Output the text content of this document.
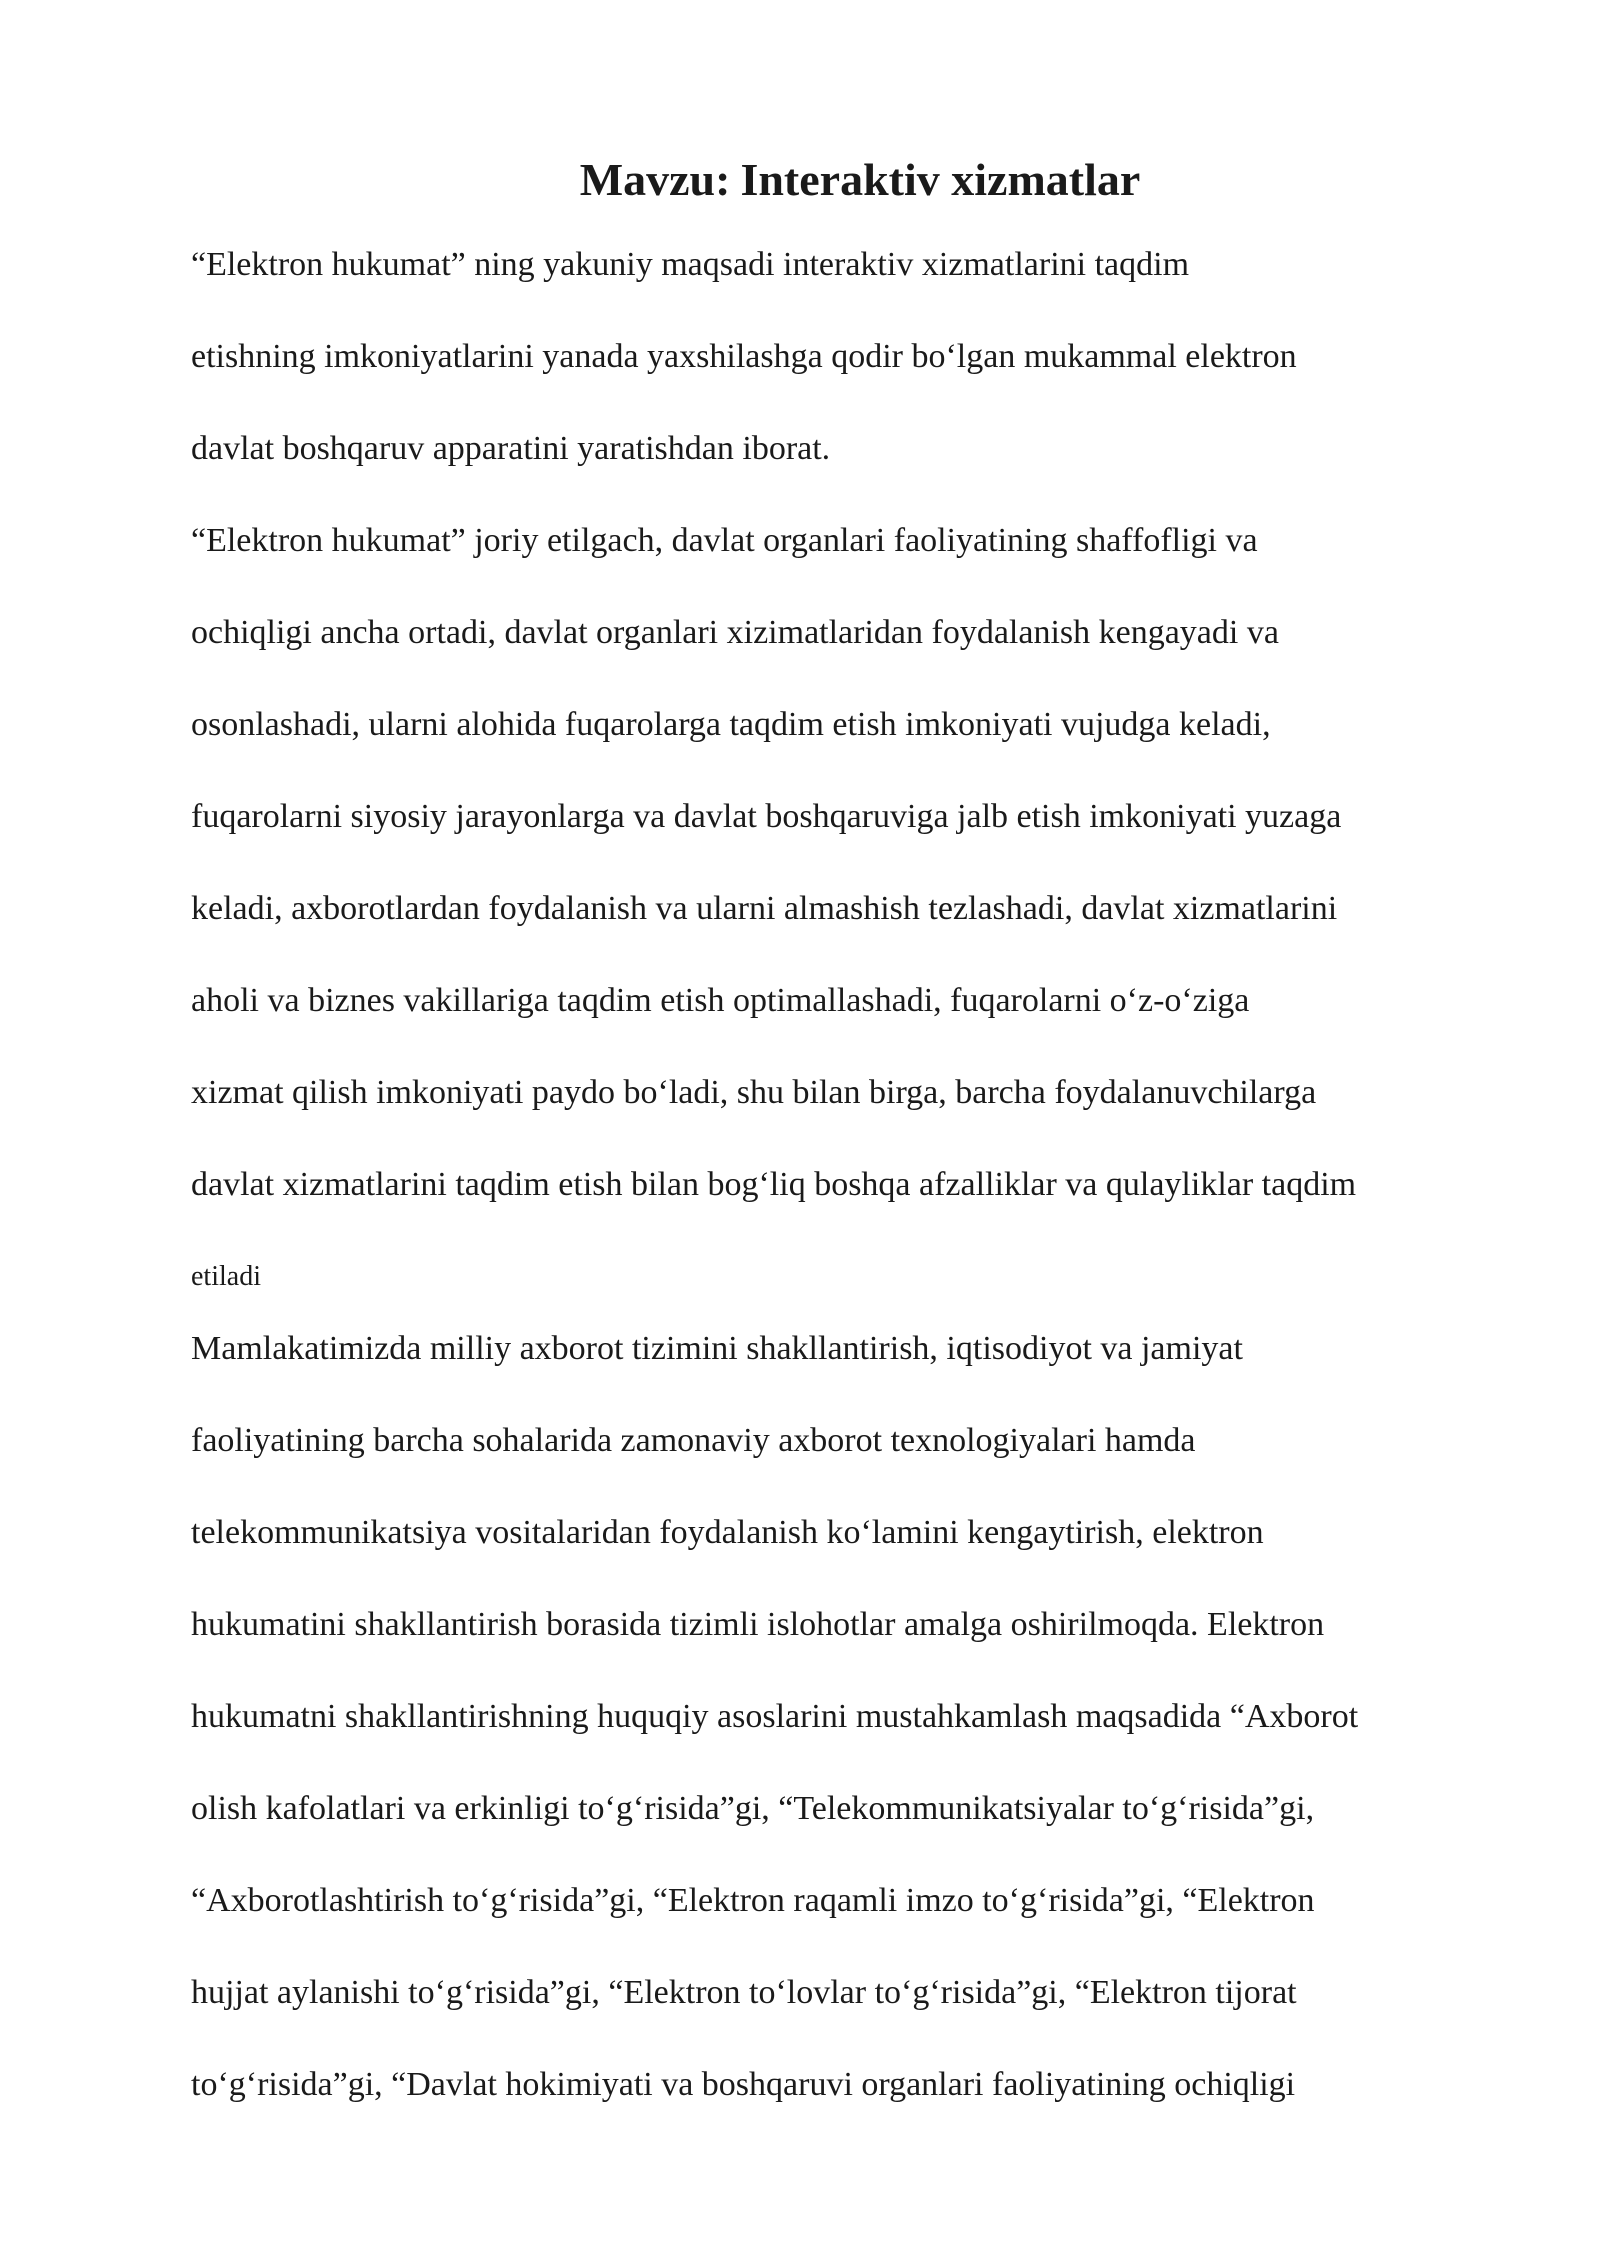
Mavzu: Interaktiv xizmatlar
“Elektron hukumat” ning yakuniy maqsadi interaktiv xizmatlarini taqdim
etishning imkoniyatlarini yanada yaxshilashga qodir boʻlgan mukammal elektron
davlat boshqaruv apparatini yaratishdan iborat.
“Elektron hukumat” joriy etilgach, davlat organlari faoliyatining shaffofligi va
ochiqligi ancha ortadi, davlat organlari xizimatlaridan foydalanish kengayadi va
osonlashadi, ularni alohida fuqarolarga taqdim etish imkoniyati vujudga keladi,
fuqarolarni siyosiy jarayonlarga va davlat boshqaruviga jalb etish imkoniyati yuzaga
keladi, axborotlardan foydalanish va ularni almashish tezlashadi, davlat xizmatlarini
aholi va biznes vakillariga taqdim etish optimallashadi, fuqarolarni oʻz-oʻziga
xizmat qilish imkoniyati paydo boʻladi, shu bilan birga, barcha foydalanuvchilarga
davlat xizmatlarini taqdim etish bilan bogʻliq boshqa afzalliklar va qulayliklar taqdim
etiladi
Mamlakatimizda milliy axborot tizimini shakllantirish, iqtisodiyot va jamiyat
faoliyatining barcha sohalarida zamonaviy axborot texnologiyalari hamda
telekommunikatsiya vositalaridan foydalanish koʻlamini kengaytirish, elektron
hukumatini shakllantirish borasida tizimli islohotlar amalga oshirilmoqda. Elektron
hukumatni shakllantirishning huquqiy asoslarini mustahkamlash maqsadida “Axborot
olish kafolatlari va erkinligi toʻgʻrisida”gi, “Telekommunikatsiyalar toʻgʻrisida”gi,
“Axborotlashtirish toʻgʻrisida”gi, “Elektron raqamli imzo toʻgʻrisida”gi, “Elektron
hujjat aylanishi toʻgʻrisida”gi, “Elektron toʻlovlar toʻgʻrisida”gi, “Elektron tijorat
toʻgʻrisida”gi, “Davlat hokimiyati va boshqaruvi organlari faoliyatining ochiqligi
